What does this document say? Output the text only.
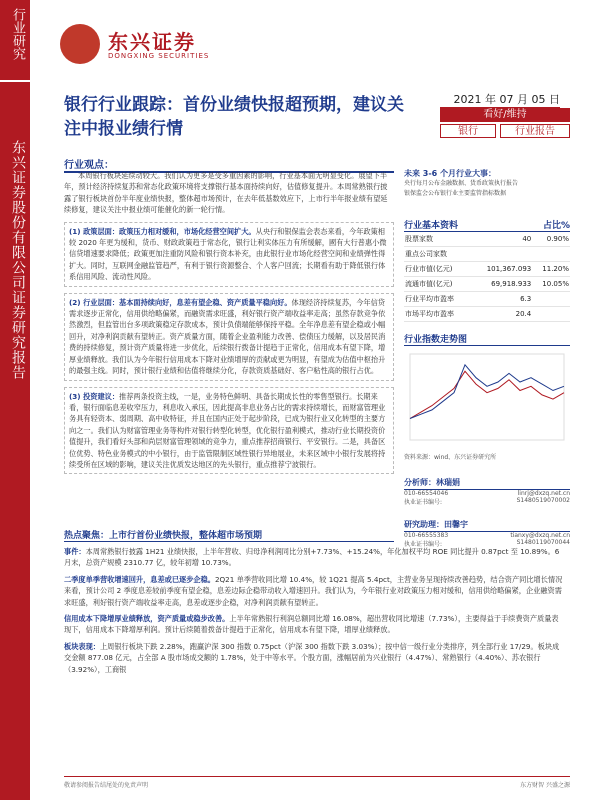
行业研究
东兴证券股份有限公司证券研究报告
东兴证券
DONGXING SECURITIES
银行行业跟踪：首份业绩快报超预期，建议关注中报业绩行情
2021 年 07 月 05 日
看好/维持
银行	行业报告
行业观点：

本周银行板块延续动较大。我们认为更多是受多重因素的影响，行业基本面无明显变化。展望下半年，预计经济持续复苏和常态化政策环境将支撑银行基本面持续向好，估值修复提升。本周常熟银行披露了银行板块首份半年度业绩快报，整体超市场预计，在去年低基数效应下，上市行半年报业绩有望延续修复，建议关注中报业绩可能催化的新一轮行情。

(1) 政策层面：政策压力相对缓和，市场化经营空间扩大。从央行和银保监会表态来看，今年政策相较 2020 年更为缓和，货币、财政政策趋于常态化，银行让利实体压力有所缓解，國有大行普惠小微信贷增速要求降低；政策更加注重防风险和银行资本补充，由此银行业市场化经营空间和业绩弹性得扩大。同时，互联网金融监管趋严，有利于银行资源整合、个人客户回流；长期看有助于降低银行体系信用风险、流动性风险。
(2) 行业层面：基本面持续向好，息差有望企稳、资产质量平稳向好。体现经济持续复苏，今年信贷需求逐步正常化，信用供给略偏紧，而融资需求旺盛，利好银行资产端收益率走高；虽然存款竞争依然激烈，但监管出台多项政策稳定存款成本，预计负债端能够保持平稳。全年净息差有望企稳或小幅回升，对净利润贡献有望转正。资产质量方面，随着企业盈利能力改善、偿债压力缓解，以及居民消费的持续修复，预计资产质量将进一步优化，后续银行拨备计提趋于正常化，信用成本有望下降，增厚业绩释放。我们认为今年银行信用成本下降对业绩增厚的贡献或更为明显，有望成为估值中枢抬升的最强主线。同时，预计银行业绩和估值将继续分化，存款资质基础好、客户粘性高的银行占优。
(3) 投资建议：推荐两条投资主线，一是，业务特色鲜明、具备长期成长性的零售型银行。长期来看，银行面临息差收窄压力，利息收入承压，因此提高非息业务占比的需求持续增长，而财富管理业务具有轻资本、弱周期、高中收特征，并且在国内正处于起步阶段，已成为银行业又化转型的主要方向之一。我们认为财富管理业务等构件对银行转型化转型，优化银行盈利模式，推动行业长期投资价值提升，我们看好头部和尚层财富管理领域的竞争力，重点推荐招商银行、平安银行。二是，具备区位优势、特色业务模式的中小银行，由于监管限制区域性银行异地展业，未来区域中小银行发展将持续受所在区域的影响，建议关注优质发达地区的先头银行，重点推荐宁波银行。
热点聚焦：上市行首份业绩快报，整体超市场预期

事件：本周常熟银行披露 1H21 业绩快报，上半年营收、归母净利润同比分别+7.73%、+15.24%，年化加权平均 ROE 同比提升 0.87pct 至 10.89%。6 月末，总资产规模 2310.77 亿，较年初增 10.73%。

二季度单季营收增速回升，息差或已逐步企稳。2Q21 单季营收同比增 10.4%，较 1Q21 提高 5.4pct，主营业务呈现持续改善趋势，结合资产同比增长情况来看，预计公司 2 季度息差较前季度有望企稳，息差边际企稳带动收入增速回升。我们认为，今年银行业对政策压力相对缓和，信用供给略偏紧，企业融资需求旺盛，利好银行资产端收益率走高，息差或逐步企稳，对净利润贡献有望转正。

信用成本下降增厚业绩释放，资产质量或稳步改善。上半年常熟银行利润总额同比增 16.08%，超出营收同比增速（7.73%），主要得益于手续费资产质量表现下，信用成本下降增厚利润。预计后续随着拨备计提趋于正常化，信用成本有望下降，增厚业绩释放。

板块表现：上周银行板块下跌 2.28%，跑赢沪深 300 指数 0.75pct（沪深 300 指数下跌 3.03%）；按中信一级行业分类排序，列全部行业 17/29。板块成交金额 877.08 亿元，占全部 A 股市场成交额的 1.78%，处于中等水平。个股方面，涨幅居前为兴业银行（4.47%）、常熟银行（4.40%）、苏农银行（3.92%），工商银

未来 3-6 个月行业大事：
央行每月公布金融数据、货币政策执行报告
银保监会公布银行业主要监管指标数据
行业基本资料	占比%
股票家数	40	0.90%
重点公司家数		
行业市值(亿元)	101,367.093	11.20%
流通市值(亿元)	69,918.933	10.05%
行业平均市盈率	6.3	
市场平均市盈率	20.4	
行业指数走势图
资料来源：wind、东兴证券研究所
分析师：林瑞娟
010-66554046	linrj@dxzq.net.cn
执业证书编号:	S1480519070002
研究助理：田馨宇
010-66555383	tianxy@dxzq.net.cn
执业证书编号:	S1480119070044
敬请参阅报告结尾处的免责声明	东方财智 兴盛之源
